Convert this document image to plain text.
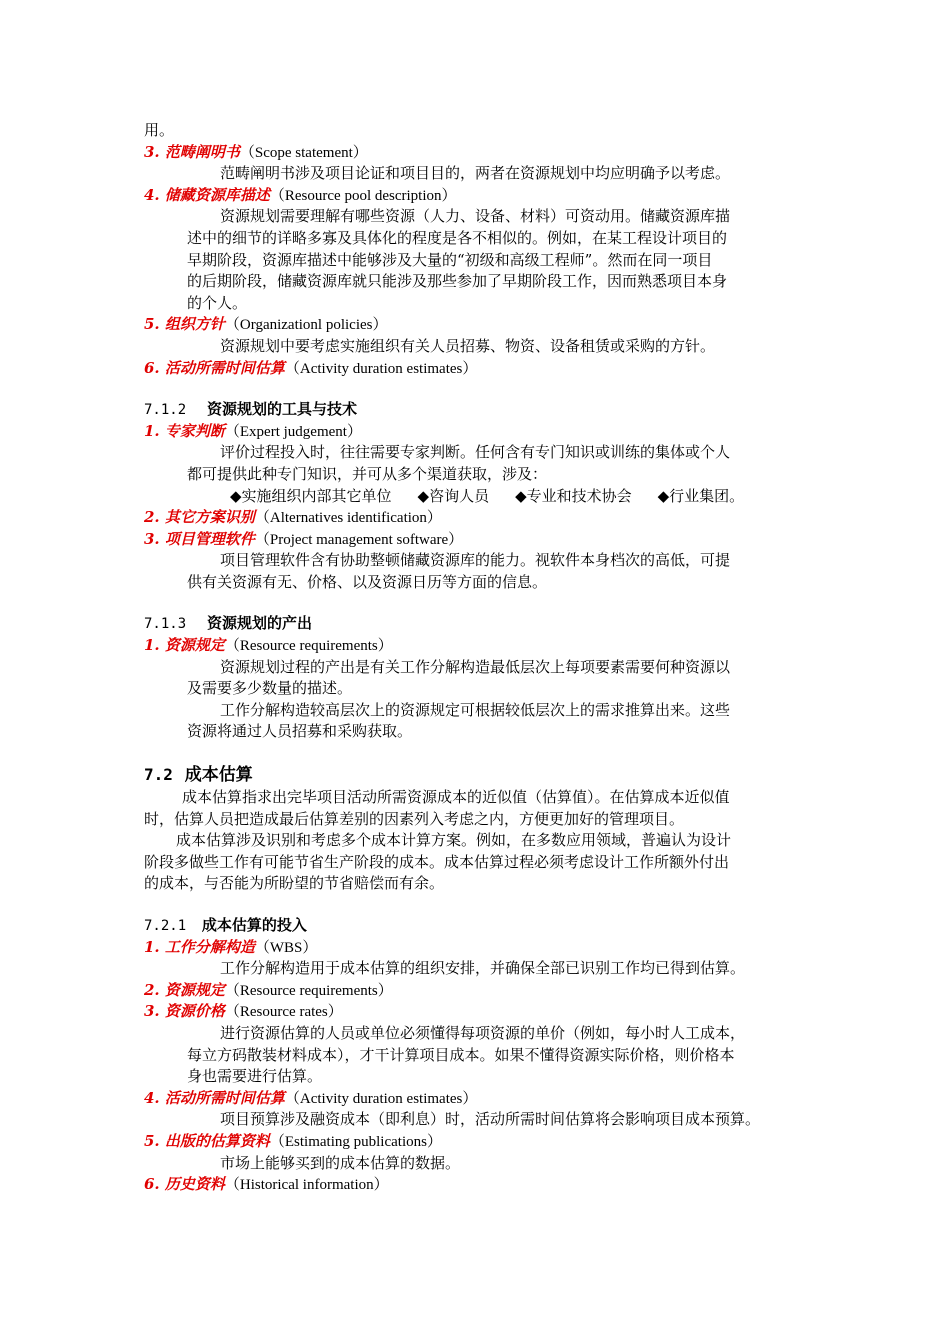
用。
3. 范畴阐明书（Scope statement）
范畴阐明书涉及项目论证和项目目的，两者在资源规划中均应明确予以考虑。
4. 储藏资源库描述（Resource pool description）
资源规划需要理解有哪些资源（人力、设备、材料）可资动用。储藏资源库描
述中的细节的详略多寡及具体化的程度是各不相似的。例如，在某工程设计项目的
早期阶段，资源库描述中能够涉及大量的“初级和高级工程师”。然而在同一项目
的后期阶段，储藏资源库就只能涉及那些参加了早期阶段工作，因而熟悉项目本身
的个人。
5. 组织方针（Organizationl policies）
资源规划中要考虑实施组织有关人员招募、物资、设备租赁或采购的方针。
6. 活动所需时间估算（Activity duration estimates）
7.1.2 资源规划的工具与技术
1. 专家判断（Expert judgement）
评价过程投入时，往往需要专家判断。任何含有专门知识或训练的集体或个人
都可提供此种专门知识，并可从多个渠道获取，涉及：
◆实施组织内部其它单位 ◆咨询人员 ◆专业和技术协会 ◆行业集团。
2. 其它方案识别（Alternatives identification）
3. 项目管理软件（Project management software）
项目管理软件含有协助整顿储藏资源库的能力。视软件本身档次的高低，可提
供有关资源有无、价格、以及资源日历等方面的信息。
7.1.3 资源规划的产出
1. 资源规定（Resource requirements）
资源规划过程的产出是有关工作分解构造最低层次上每项要素需要何种资源以
及需要多少数量的描述。
工作分解构造较高层次上的资源规定可根据较低层次上的需求推算出来。这些
资源将通过人员招募和采购获取。
7.2 成本估算
成本估算指求出完毕项目活动所需资源成本的近似值（估算值）。在估算成本近似值
时，估算人员把造成最后估算差别的因素列入考虑之内，方便更加好的管理项目。
成本估算涉及识别和考虑多个成本计算方案。例如，在多数应用领域，普遍认为设计
阶段多做些工作有可能节省生产阶段的成本。成本估算过程必须考虑设计工作所额外付出
的成本，与否能为所盼望的节省赔偿而有余。
7.2.1 成本估算的投入
1. 工作分解构造（WBS）
工作分解构造用于成本估算的组织安排，并确保全部已识别工作均已得到估算。
2. 资源规定（Resource requirements）
3. 资源价格（Resource rates）
进行资源估算的人员或单位必须懂得每项资源的单价（例如，每小时人工成本，
每立方码散装材料成本），才干计算项目成本。如果不懂得资源实际价格，则价格本
身也需要进行估算。
4. 活动所需时间估算（Activity duration estimates）
项目预算涉及融资成本（即利息）时，活动所需时间估算将会影响项目成本预算。
5. 出版的估算资料（Estimating publications）
市场上能够买到的成本估算的数据。
6. 历史资料（Historical information）
